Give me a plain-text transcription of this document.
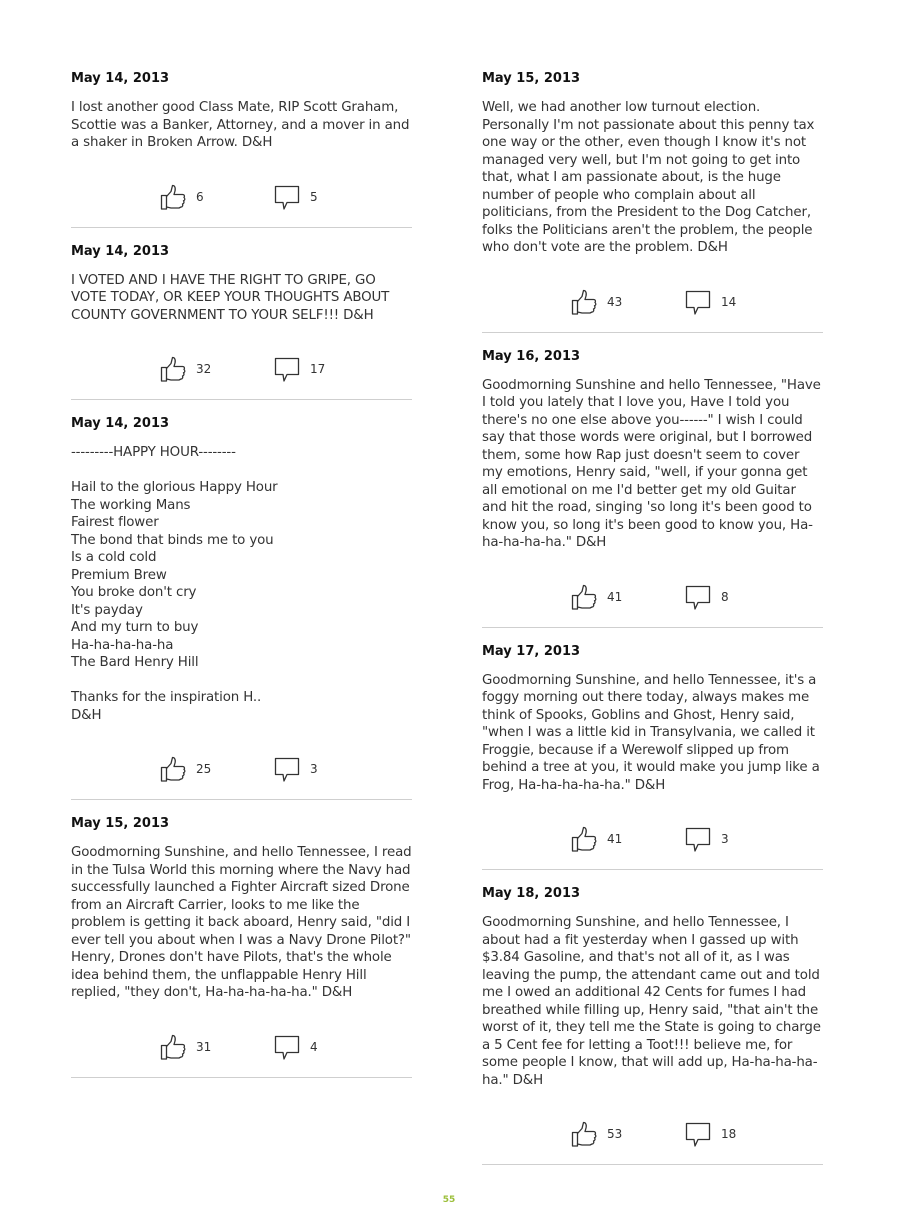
May 14, 2013
I lost another good Class Mate, RIP Scott Graham, Scottie was a Banker, Attorney, and a mover in and a shaker in Broken Arrow. D&H
6	5
May 14, 2013
I VOTED AND I HAVE THE RIGHT TO GRIPE, GO VOTE TODAY, OR KEEP YOUR THOUGHTS ABOUT COUNTY GOVERNMENT TO YOUR SELF!!! D&H
32	17
May 14, 2013
---------HAPPY HOUR--------

Hail to the glorious Happy Hour
The working Mans
Fairest flower
The bond that binds me to you
Is a cold cold
Premium Brew
You broke don't cry
It's payday
And my turn to buy
Ha-ha-ha-ha-ha
The Bard Henry Hill

Thanks for the inspiration H..
D&H
25	3
May 15, 2013
Goodmorning Sunshine, and hello Tennessee, I read in the Tulsa World this morning where the Navy had successfully launched a Fighter Aircraft sized Drone from an Aircraft Carrier, looks to me like the problem is getting it back aboard, Henry said, "did I ever tell you about when I was a Navy Drone Pilot?" Henry, Drones don't have Pilots, that's the whole idea behind them, the unflappable Henry Hill replied, "they don't, Ha-ha-ha-ha-ha." D&H
31	4
May 15, 2013
Well, we had another low turnout election. Personally I'm not passionate about this penny tax one way or the other, even though I know it's not managed very well, but I'm not going to get into that, what I am passionate about, is the huge number of people who complain about all politicians, from the President to the Dog Catcher, folks the Politicians aren't the problem, the people who don't vote are the problem. D&H
43	14
May 16, 2013
Goodmorning Sunshine and hello Tennessee, "Have I told you lately that I love you, Have I told you there's no one else above you------" I wish I could say that those words were original, but I borrowed them, some how Rap just doesn't seem to cover my emotions, Henry said, "well, if your gonna get all emotional on me I'd better get my old Guitar and hit the road, singing 'so long it's been good to know you, so long it's been good to know you, Ha-ha-ha-ha-ha." D&H
41	8
May 17, 2013
Goodmorning Sunshine, and hello Tennessee, it's a foggy morning out there today, always makes me think of Spooks, Goblins and Ghost, Henry said, "when I was a little kid in Transylvania, we called it Froggie, because if a Werewolf slipped up from behind a tree at you, it would make you jump like a Frog, Ha-ha-ha-ha-ha." D&H
41	3
May 18, 2013
Goodmorning Sunshine, and hello Tennessee, I about had a fit yesterday when I gassed up with $3.84 Gasoline, and that's not all of it, as I was leaving the pump, the attendant came out and told me I owed an additional 42 Cents for fumes I had breathed while filling up, Henry said, "that ain't the worst of it, they tell me the State is going to charge a 5 Cent fee for letting a Toot!!! believe me, for some people I know, that will add up, Ha-ha-ha-ha-ha." D&H
53	18
55
